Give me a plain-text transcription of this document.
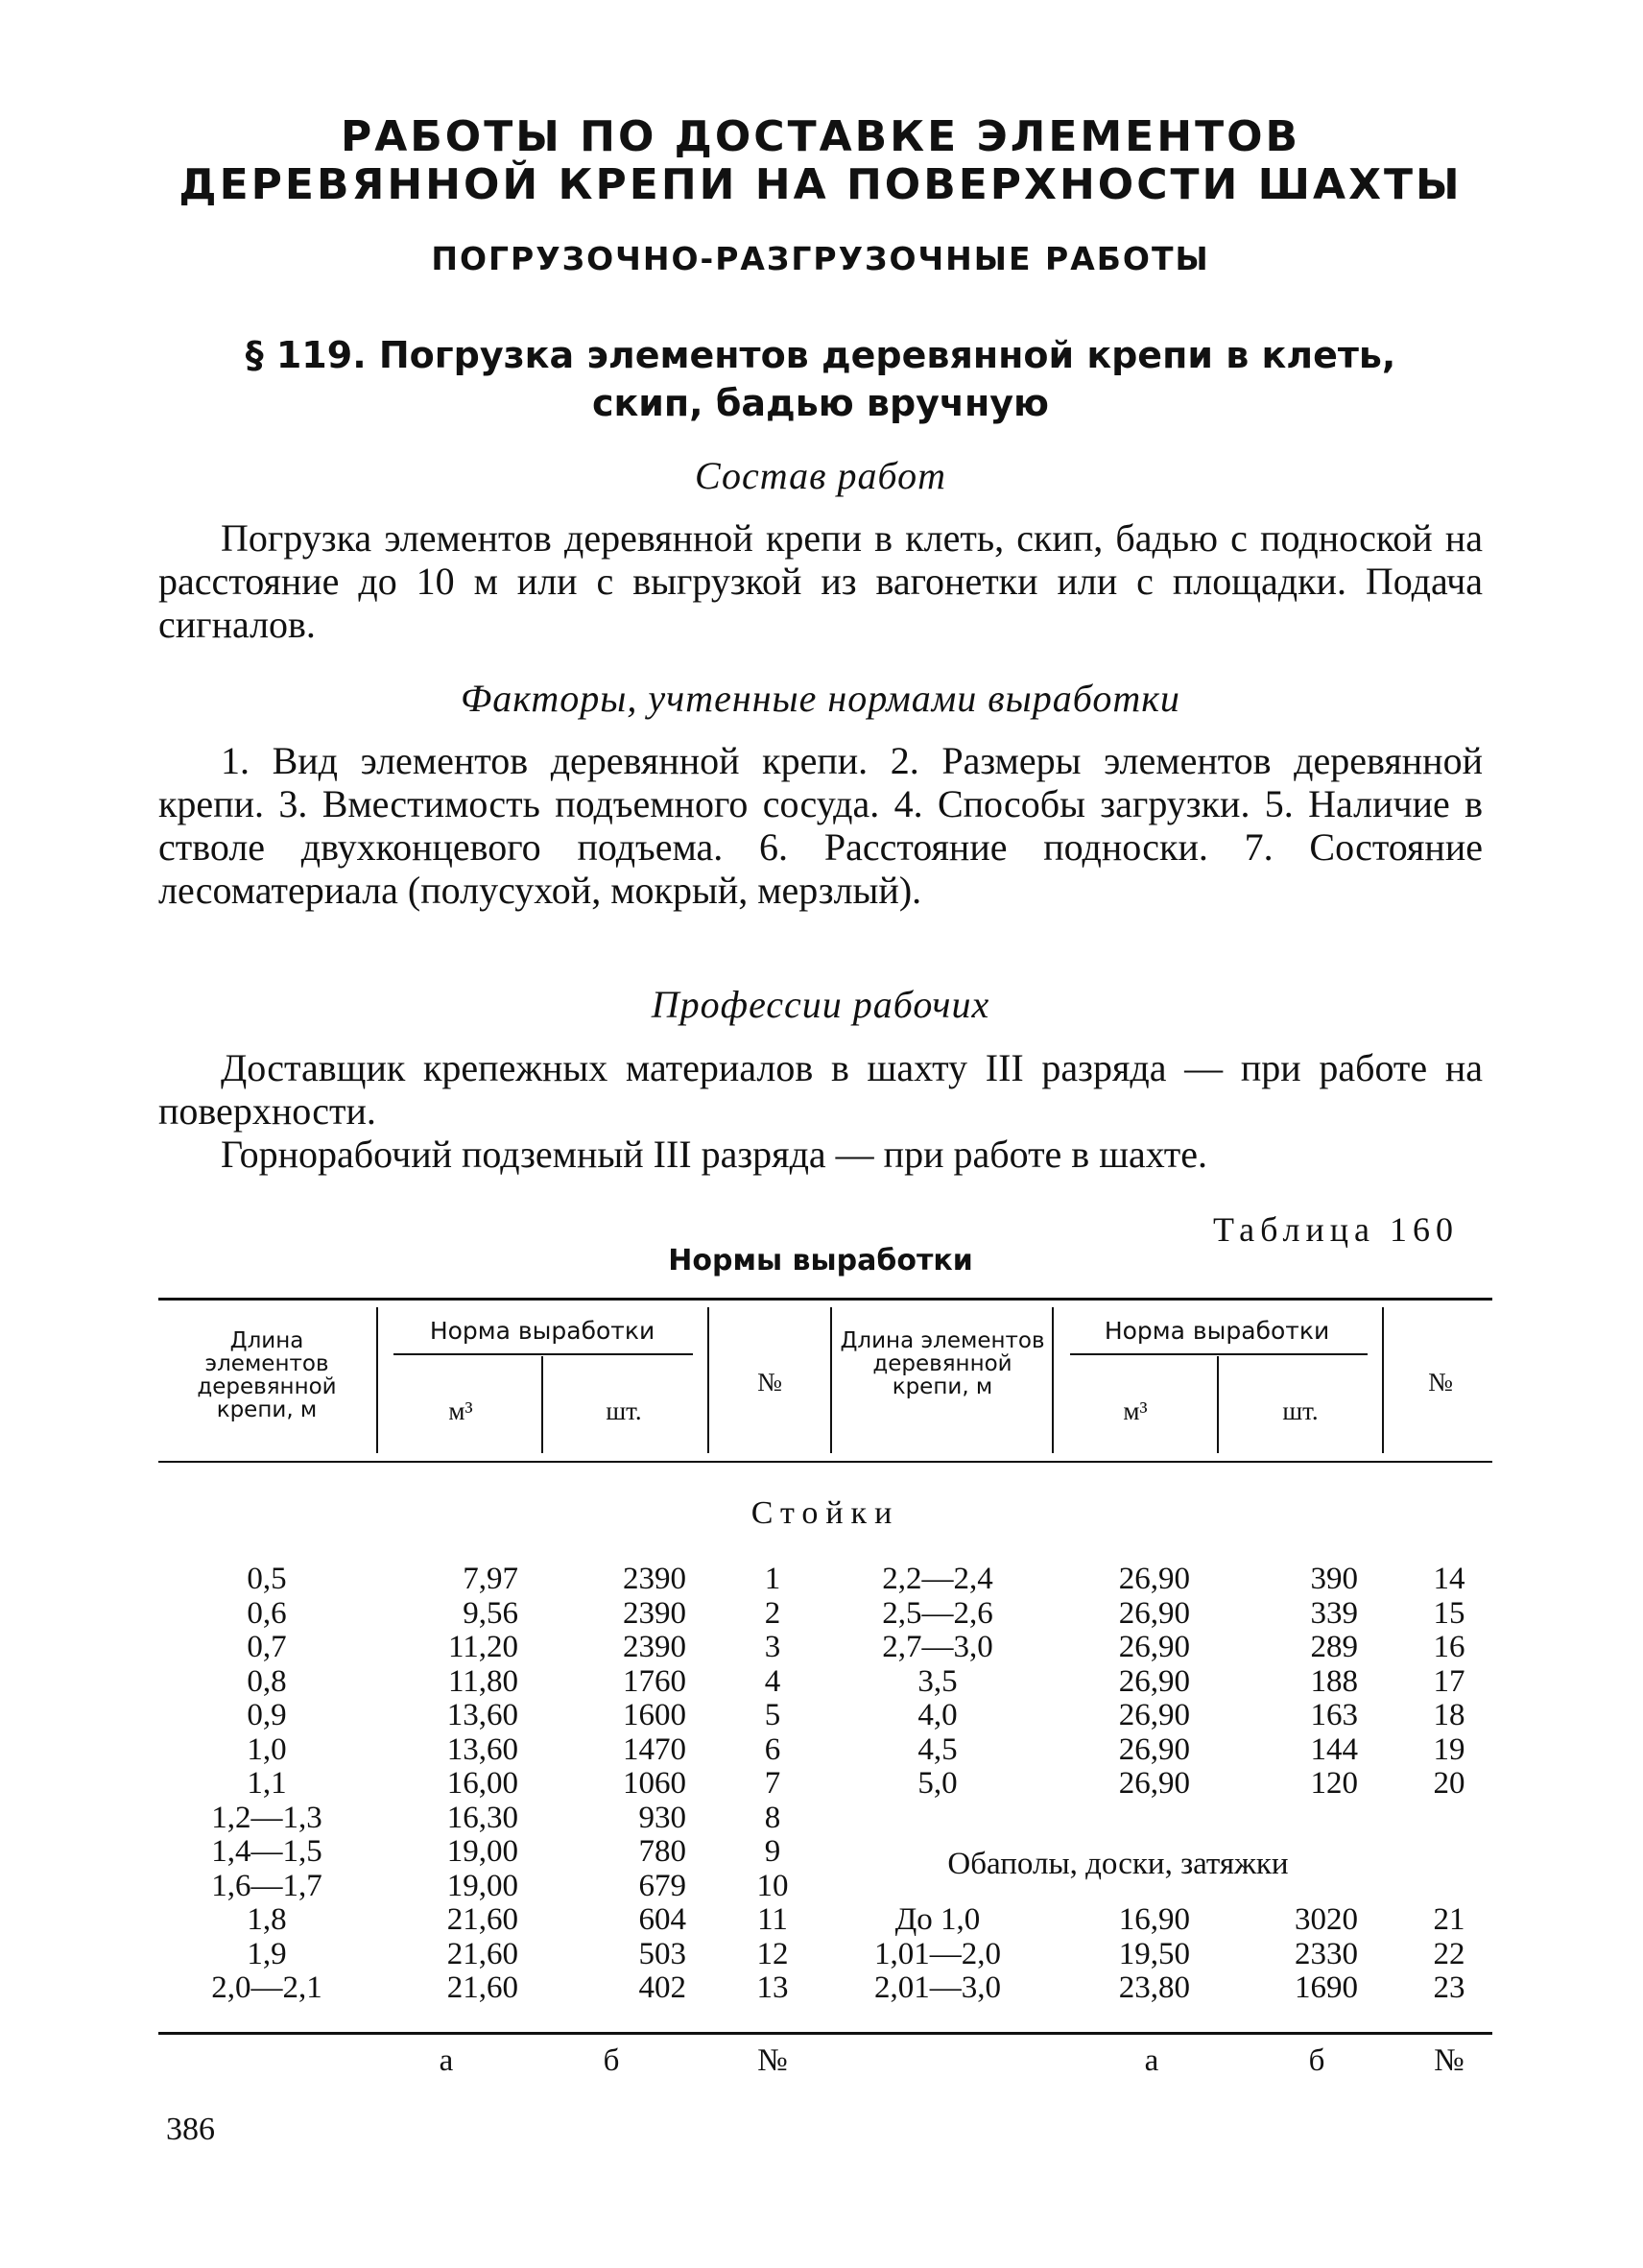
РАБОТЫ ПО ДОСТАВКЕ ЭЛЕМЕНТОВ
ДЕРЕВЯННОЙ КРЕПИ НА ПОВЕРХНОСТИ ШАХТЫ
ПОГРУЗОЧНО-РАЗГРУЗОЧНЫЕ РАБОТЫ
§ 119. Погрузка элементов деревянной крепи в клеть,
скип, бадью вручную
Состав работ
Погрузка элементов деревянной крепи в клеть, скип, бадью с подноской на расстояние до 10 м или с выгрузкой из вагонетки или с площадки. Подача сигналов.
Факторы, учтенные нормами выработки
1. Вид элементов деревянной крепи. 2. Размеры элементов деревянной крепи. 3. Вместимость подъемного сосуда. 4. Способы загрузки. 5. Наличие в стволе двухконцевого подъема. 6. Расстояние подноски. 7. Состояние лесоматериала (полусухой, мокрый, мерзлый).
Профессии рабочих
Доставщик крепежных материалов в шахту III разряда — при работе на поверхности.
Горнорабочий подземный III разряда — при работе в шахте.
Таблица 160
Нормы выработки
Длина элементов деревянной крепи, м
Норма выработки
м³	шт.
№
Длина элементов деревянной крепи, м
Норма выработки
м³	шт.
№
Стойки
0,5	7,97	2390	1
0,6	9,56	2390	2
0,7	11,20	2390	3
0,8	11,80	1760	4
0,9	13,60	1600	5
1,0	13,60	1470	6
1,1	16,00	1060	7
1,2—1,3	16,30	930	8
1,4—1,5	19,00	780	9
1,6—1,7	19,00	679	10
1,8	21,60	604	11
1,9	21,60	503	12
2,0—2,1	21,60	402	13
2,2—2,4	26,90	390	14
2,5—2,6	26,90	339	15
2,7—3,0	26,90	289	16
3,5	26,90	188	17
4,0	26,90	163	18
4,5	26,90	144	19
5,0	26,90	120	20
До 1,0	16,90	3020	21
1,01—2,0	19,50	2330	22
2,01—3,0	23,80	1690	23
Обаполы, доски, затяжки
а	б	№	а	б	№
386
